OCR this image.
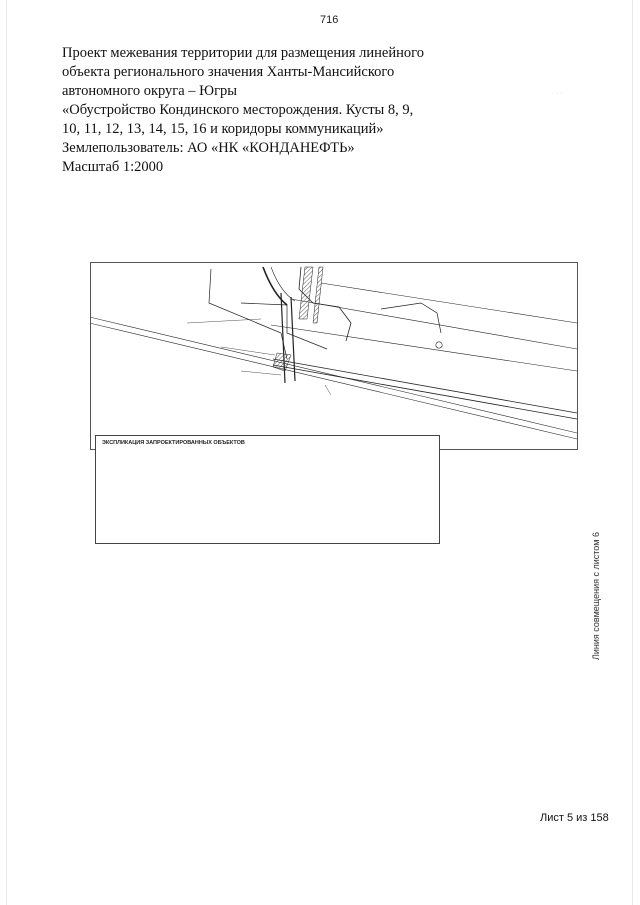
· · ·
716
Проект межевания территории для размещения линейного
объекта регионального значения Ханты-Мансийского
автономного округа – Югры
«Обустройство Кондинского месторождения. Кусты 8, 9,
10, 11, 12, 13, 14, 15, 16 и коридоры коммуникаций»
Землепользователь: АО «НК «КОНДАНЕФТЬ»
Масштаб 1:2000
ЭКСПЛИКАЦИЯ ЗАПРОЕКТИРОВАННЫХ ОБЪЕКТОВ
Линия совмещения с листом 6
Лист 5 из 158
